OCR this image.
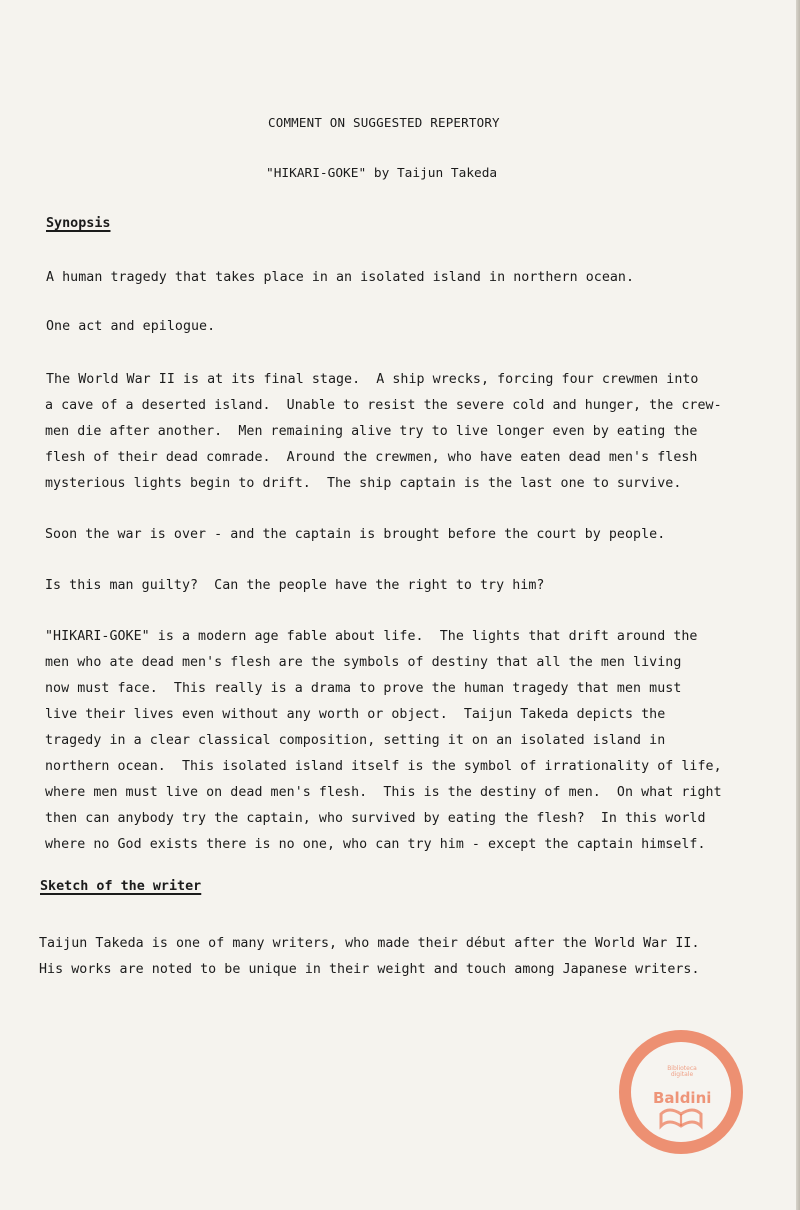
COMMENT ON SUGGESTED REPERTORY
"HIKARI-GOKE" by Taijun Takeda
Synopsis
A human tragedy that takes place in an isolated island in northern ocean.
One act and epilogue.
The World War II is at its final stage.  A ship wrecks, forcing four crewmen into
a cave of a deserted island.  Unable to resist the severe cold and hunger, the crew-
men die after another.  Men remaining alive try to live longer even by eating the
flesh of their dead comrade.  Around the crewmen, who have eaten dead men's flesh
mysterious lights begin to drift.  The ship captain is the last one to survive.
Soon the war is over - and the captain is brought before the court by people.
Is this man guilty?  Can the people have the right to try him?
"HIKARI-GOKE" is a modern age fable about life.  The lights that drift around the
men who ate dead men's flesh are the symbols of destiny that all the men living
now must face.  This really is a drama to prove the human tragedy that men must
live their lives even without any worth or object.  Taijun Takeda depicts the
tragedy in a clear classical composition, setting it on an isolated island in
northern ocean.  This isolated island itself is the symbol of irrationality of life,
where men must live on dead men's flesh.  This is the destiny of men.  On what right
then can anybody try the captain, who survived by eating the flesh?  In this world
where no God exists there is no one, who can try him - except the captain himself.
Sketch of the writer
Taijun Takeda is one of many writers, who made their début after the World War II.
His works are noted to be unique in their weight and touch among Japanese writers.
Biblioteca digitale
Baldini
